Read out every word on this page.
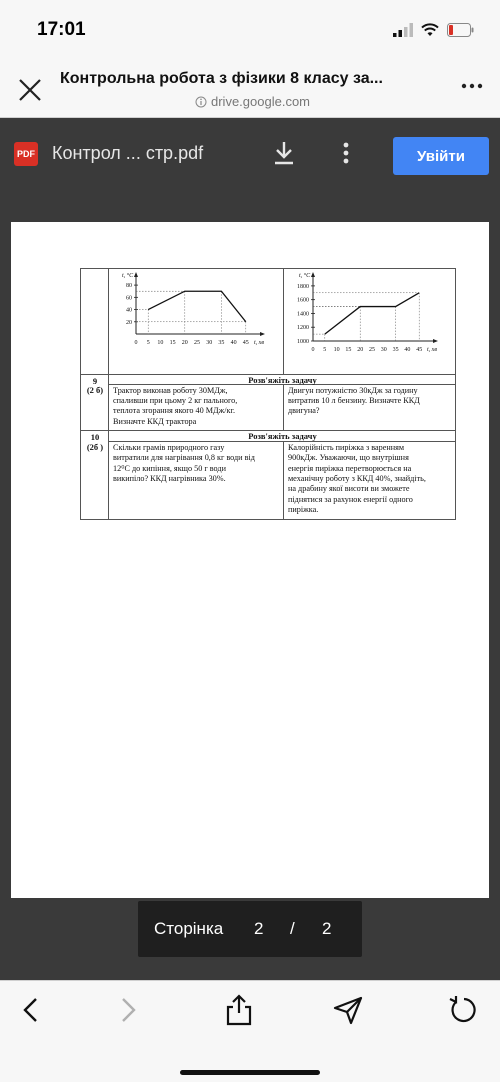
17:01
Контрольна робота з фізики 8 класу за...
drive.google.com
PDF Контрол ... стр.pdf	Увійти
t, °C
t, хв
0 5 10 15 20 25 30 35 40 45
20
40
60
80
t, °C
t, хв
0 5 10 15 20 25 30 35 40 45
1000
1200
1400
1600
1800
9
(2 б)
Розв'яжіть задачу
Трактор виконав роботу 30МДж,
спаливши при цьому 2 кг пального,
теплота згорання якого 40 МДж/кг.
Визначте ККД трактора
Двигун потужністю 30кДж за годину
витратив 10 л бензину. Визначте ККД
двигуна?
10
(2б )
Розв'яжіть задачу
Скільки грамів природного газу
витратили для нагрівання 0,8 кг води від
12⁰С до кипіння, якщо 50 г води
википіло? ККД нагрівника 30%.
Калорійність пиріжка з варенням
900кДж. Уважаючи, що внутрішня
енергія пиріжка перетворюється на
механічну роботу з ККД 40%, знайдіть,
на драбину якої висоти ви зможете
піднятися за рахунок енергії одного
пиріжка.
Сторінка 2 / 2
